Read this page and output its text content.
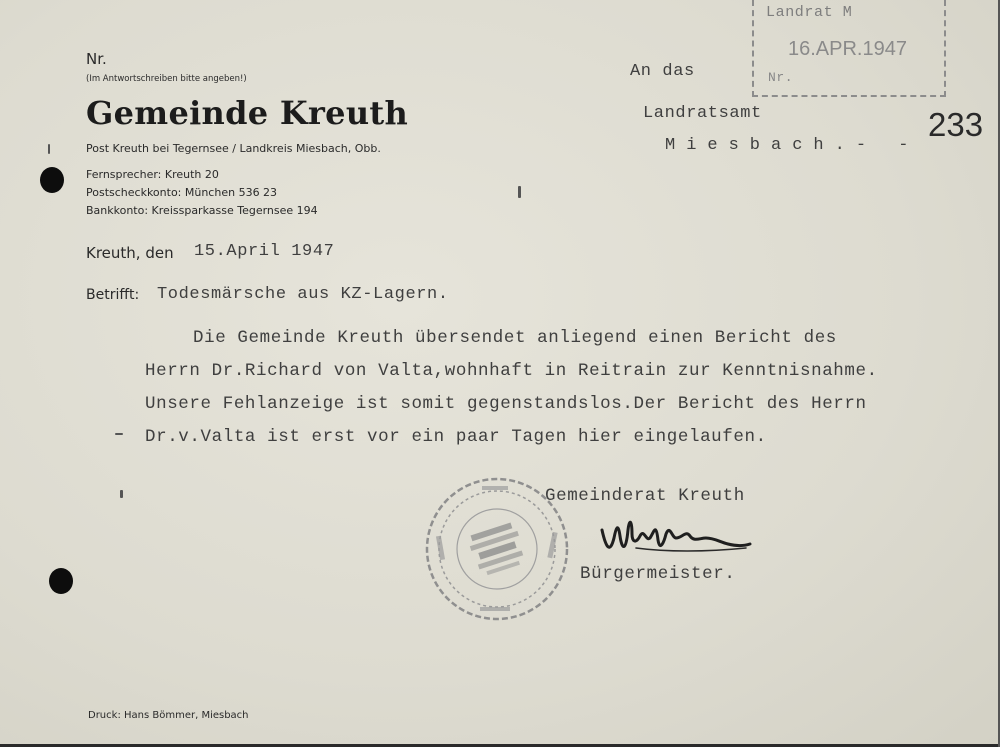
Nr.
(Im Antwortschreiben bitte angeben!)
Gemeinde Kreuth
Post Kreuth bei Tegernsee / Landkreis Miesbach, Obb.
Fernsprecher: Kreuth 20
Postscheckkonto: München 536 23
Bankkonto: Kreissparkasse Tegernsee 194
Kreuth, den 15.April 1947
Betrifft: Todesmärsche aus KZ-Lagern.
An das
Landratsamt
Miesbach.- -
Landrat M
16.APR.1947
Nr.
233
Die Gemeinde Kreuth übersendet anliegend einen Bericht des
Herrn Dr.Richard von Valta,wohnhaft in Reitrain zur Kenntnisnahme.
Unsere Fehlanzeige ist somit gegenstandslos.Der Bericht des Herrn
Dr.v.Valta ist erst vor ein paar Tagen hier eingelaufen.
Gemeinderat Kreuth
Bürgermeister.
Druck: Hans Bömmer, Miesbach
